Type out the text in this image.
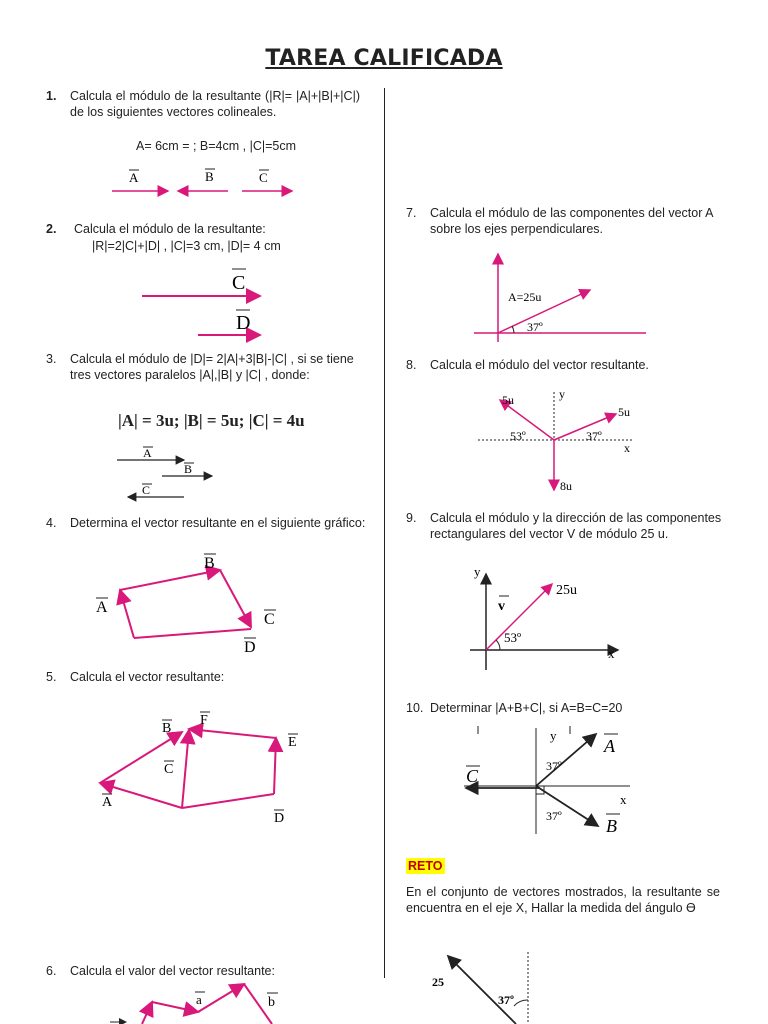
TAREA CALIFICADA
1. Calcula el módulo de la resultante (|R|= |A|+|B|+|C|) de los siguientes vectores colineales.
A= 6cm = ; B=4cm , |C|=5cm
A	B	C
2. Calcula el módulo de la resultante:
|R|=2|C|+|D| , |C|=3 cm, |D|= 4 cm
C
D
3. Calcula el módulo de |D|= 2|A|+3|B|-|C| , si se tiene tres vectores paralelos |A|,|B| y |C| , donde:
|A| = 3u; |B| = 5u; |C| = 4u
A
B
C
4. Determina el vector resultante en el siguiente gráfico:
A
B
C
D
5. Calcula el vector resultante:
A
B
C
D
E
F
6. Calcula el valor del vector resultante:
a	b
7. Calcula el módulo de las componentes del vector A sobre los ejes perpendiculares.
A=25u
37º
8. Calcula el módulo del vector resultante.
5u
5u
8u
y
x
53º	37º
9. Calcula el módulo y la dirección de las componentes rectangulares del vector V de módulo 25 u.
y
x
25u
v
53º
10. Determinar |A+B+C|, si A=B=C=20
y
x
A
B
C	37º
37º
RETO
En el conjunto de vectores mostrados, la resultante se encuentra en el eje X, Hallar la medida del ángulo Ɵ
25
37º
